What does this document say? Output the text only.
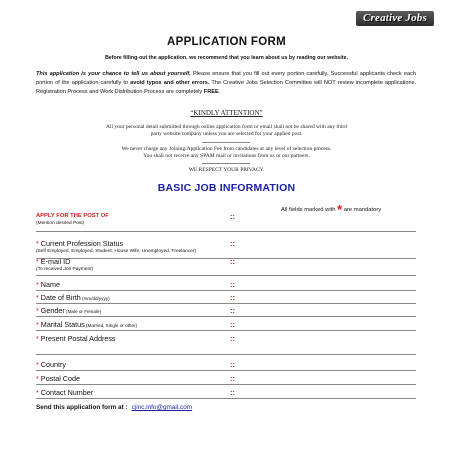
Creative Jobs
APPLICATION FORM
Before filling-out the application, we recommend that you learn about us by reading our website.
This application is your chance to tell us about yourself. Please ensure that you fill out every portion carefully. Successful applicants check each portion of the application carefully to avoid typos and other errors. The Creative Jobs Selection Committee will NOT review incomplete applications. Registration Process and Work Distribution Process are completely FREE.
“KINDLY ATTENTION”
All your personal detail submitted through online application form or email shall not be shared with any third
party website/company unless you are selected for your applied post.
We never charge any Joining/Application Fee from candidates at any level of selection process.
You shall not receive any SPAM mail or invitations from us or our partners.
WE RESPECT YOUR PRIVACY.
BASIC JOB INFORMATION
All fields marked with * are mandatory
APPLY FOR THE POST OF
(Mention desired Post)
::
* Current Profession Status
(Self Employed, Employed, Student, House Wife, Unemployed, Freelancer)
::
* E-mail ID
(To received Job Payment)
::
* Name	::
* Date of Birth (mm/dd/yyyy)	::
* Gender (Male or Female)	::
* Marital Status (Married, Single or other)	::
* Present Postal Address	::
* Country	::
* Postal Code	::
* Contact Number	::
Send this application form at : cjinc.info@gmail.com
